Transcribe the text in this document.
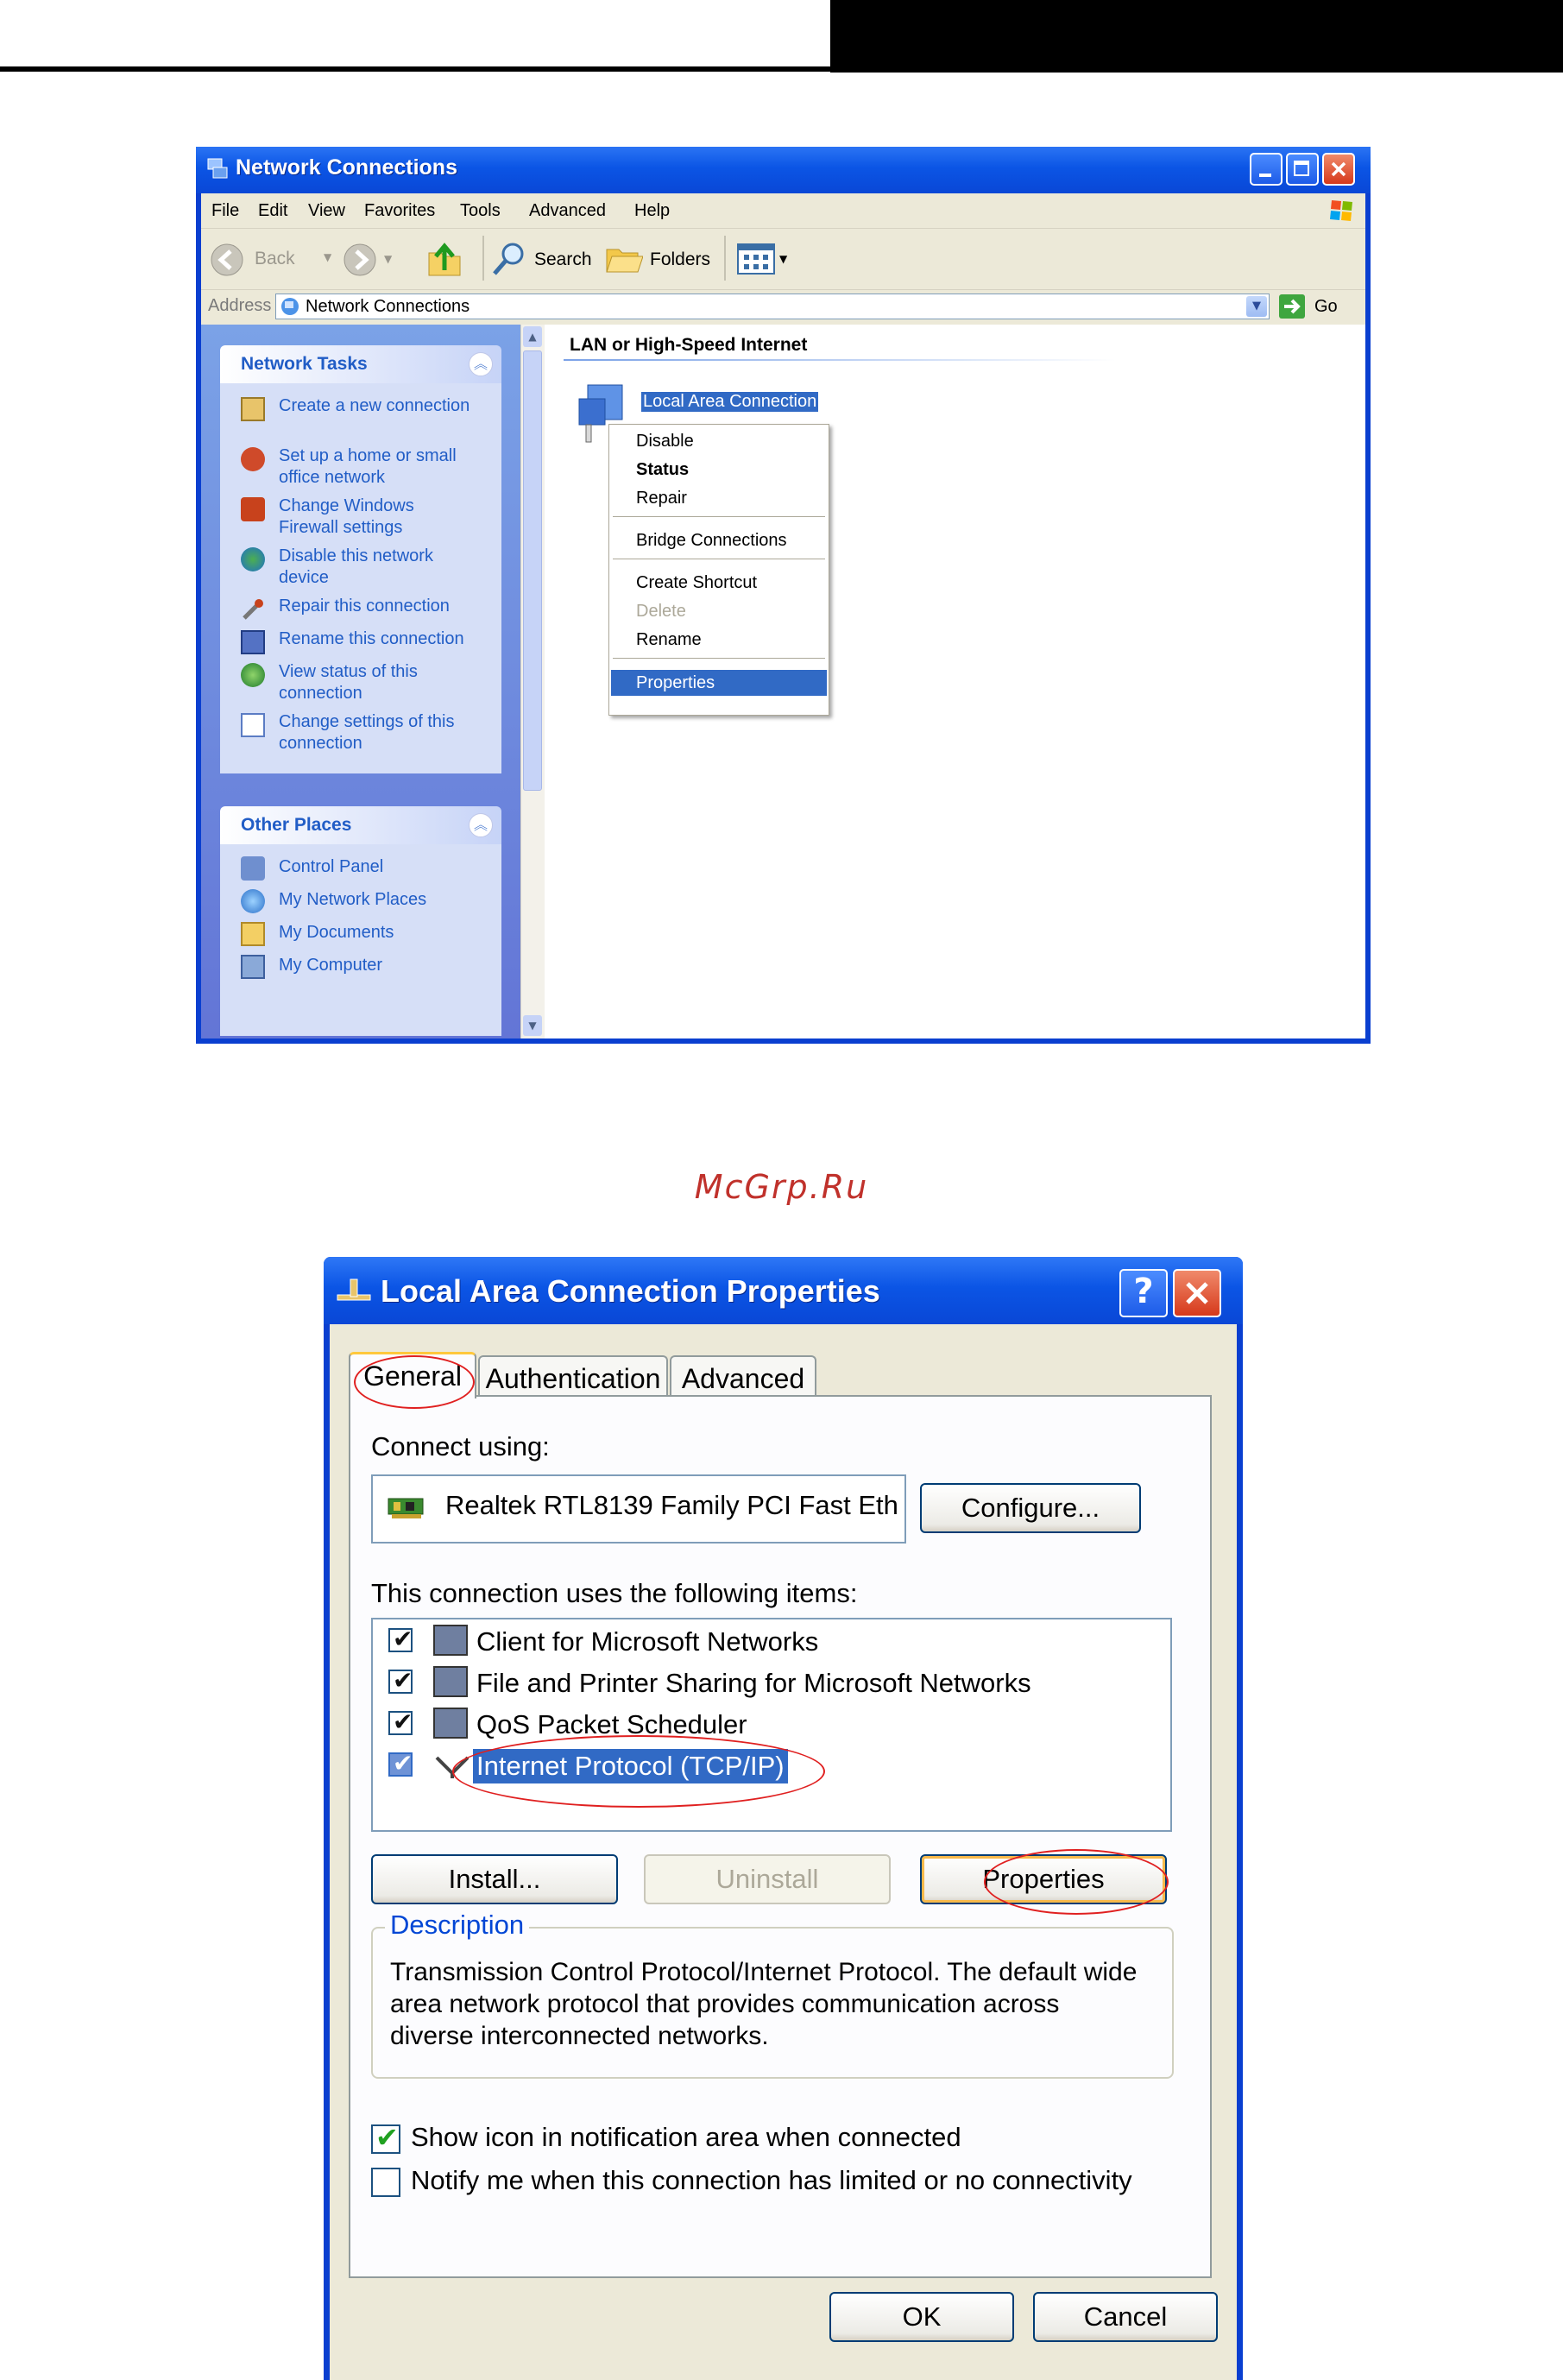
Network Connections
File Edit View Favorites Tools Advanced Help
Back	▼	▼	Search	Folders	▼
Address Network Connections	▼	Go
Network Tasks	︽
Create a new connection
Set up a home or small office network
Change Windows Firewall settings
Disable this network device
Repair this connection
Rename this connection
View status of this connection
Change settings of this connection
Other Places	︽
Control Panel
My Network Places
My Documents
My Computer
▲
▼
LAN or High-Speed Internet
Local Area Connection
Disable
Status
Repair
Bridge Connections
Create Shortcut
Delete
Rename
Properties
McGrp.Ru
Local Area Connection Properties	?
General Authentication Advanced
Connect using:
Realtek RTL8139 Family PCI Fast Eth	Configure...
This connection uses the following items:
✔ Client for Microsoft Networks
✔ File and Printer Sharing for Microsoft Networks
✔ QoS Packet Scheduler
✔ Internet Protocol (TCP/IP)
Install...	Uninstall	Properties
Description
Transmission Control Protocol/Internet Protocol. The default wide area network protocol that provides communication across diverse interconnected networks.
✔ Show icon in notification area when connected
Notify me when this connection has limited or no connectivity
OK	Cancel
